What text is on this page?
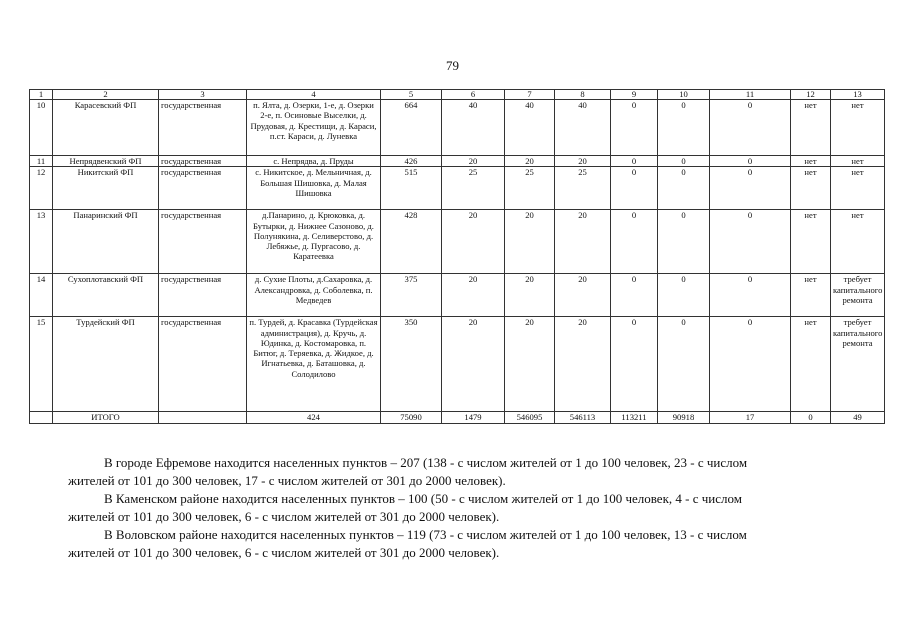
79
1	2	3	4	5	6	7	8	9	10	11	12	13
10	Карасевский ФП	государственная	п. Ялта, д. Озерки, 1-е, д. Озерки 2-е, п. Осиновые Выселки, д. Прудовая, д. Крестищи, д. Караси, п.ст. Караси, д. Луневка	664	40	40	40	0	0	0	нет	нет
11	Непрядвенский ФП	государственная	с. Непрядва, д. Пруды	426	20	20	20	0	0	0	нет	нет
12	Никитский ФП	государственная	с. Никитское, д. Мельничная, д. Большая Шишовка, д. Малая Шишовка	515	25	25	25	0	0	0	нет	нет
13	Панаринский ФП	государственная	д.Панарино, д. Крюковка, д. Бутырки, д. Нижнее Сазоново, д. Полунякина, д. Селиверстово, д. Лебяжье, д. Пургасово, д. Каратеевка	428	20	20	20	0	0	0	нет	нет
14	Сухоплотавский ФП	государственная	д. Сухие Плоты, д.Сахаровка, д. Александровка, д. Соболевка, п. Медведев	375	20	20	20	0	0	0	нет	требует капитального ремонта
15	Турдейский ФП	государственная	п. Турдей, д. Красавка (Турдейская администрация), д. Кручь, д. Юдинка, д. Костомаровка, п. Битюг, д. Теряевка, д. Жидкое, д. Игнатьевка, д. Баташовка, д. Солодилово	350	20	20	20	0	0	0	нет	требует капитального ремонта
	ИТОГО		424	75090	1479	546095	546113	113211	90918	17	0	49
В городе Ефремове находится населенных пунктов – 207 (138 - с числом жителей от 1 до 100 человек, 23 - с числом
жителей от 101 до 300 человек, 17 - с числом жителей от 301 до 2000 человек).
В Каменском районе находится населенных пунктов – 100 (50 - с числом жителей от 1 до 100 человек, 4 - с числом
жителей от 101 до 300 человек, 6 - с числом жителей от 301 до 2000 человек).
В Воловском районе находится населенных пунктов – 119 (73 - с числом жителей от 1 до 100 человек, 13 - с числом
жителей от 101 до 300 человек, 6 - с числом жителей от 301 до 2000 человек).
